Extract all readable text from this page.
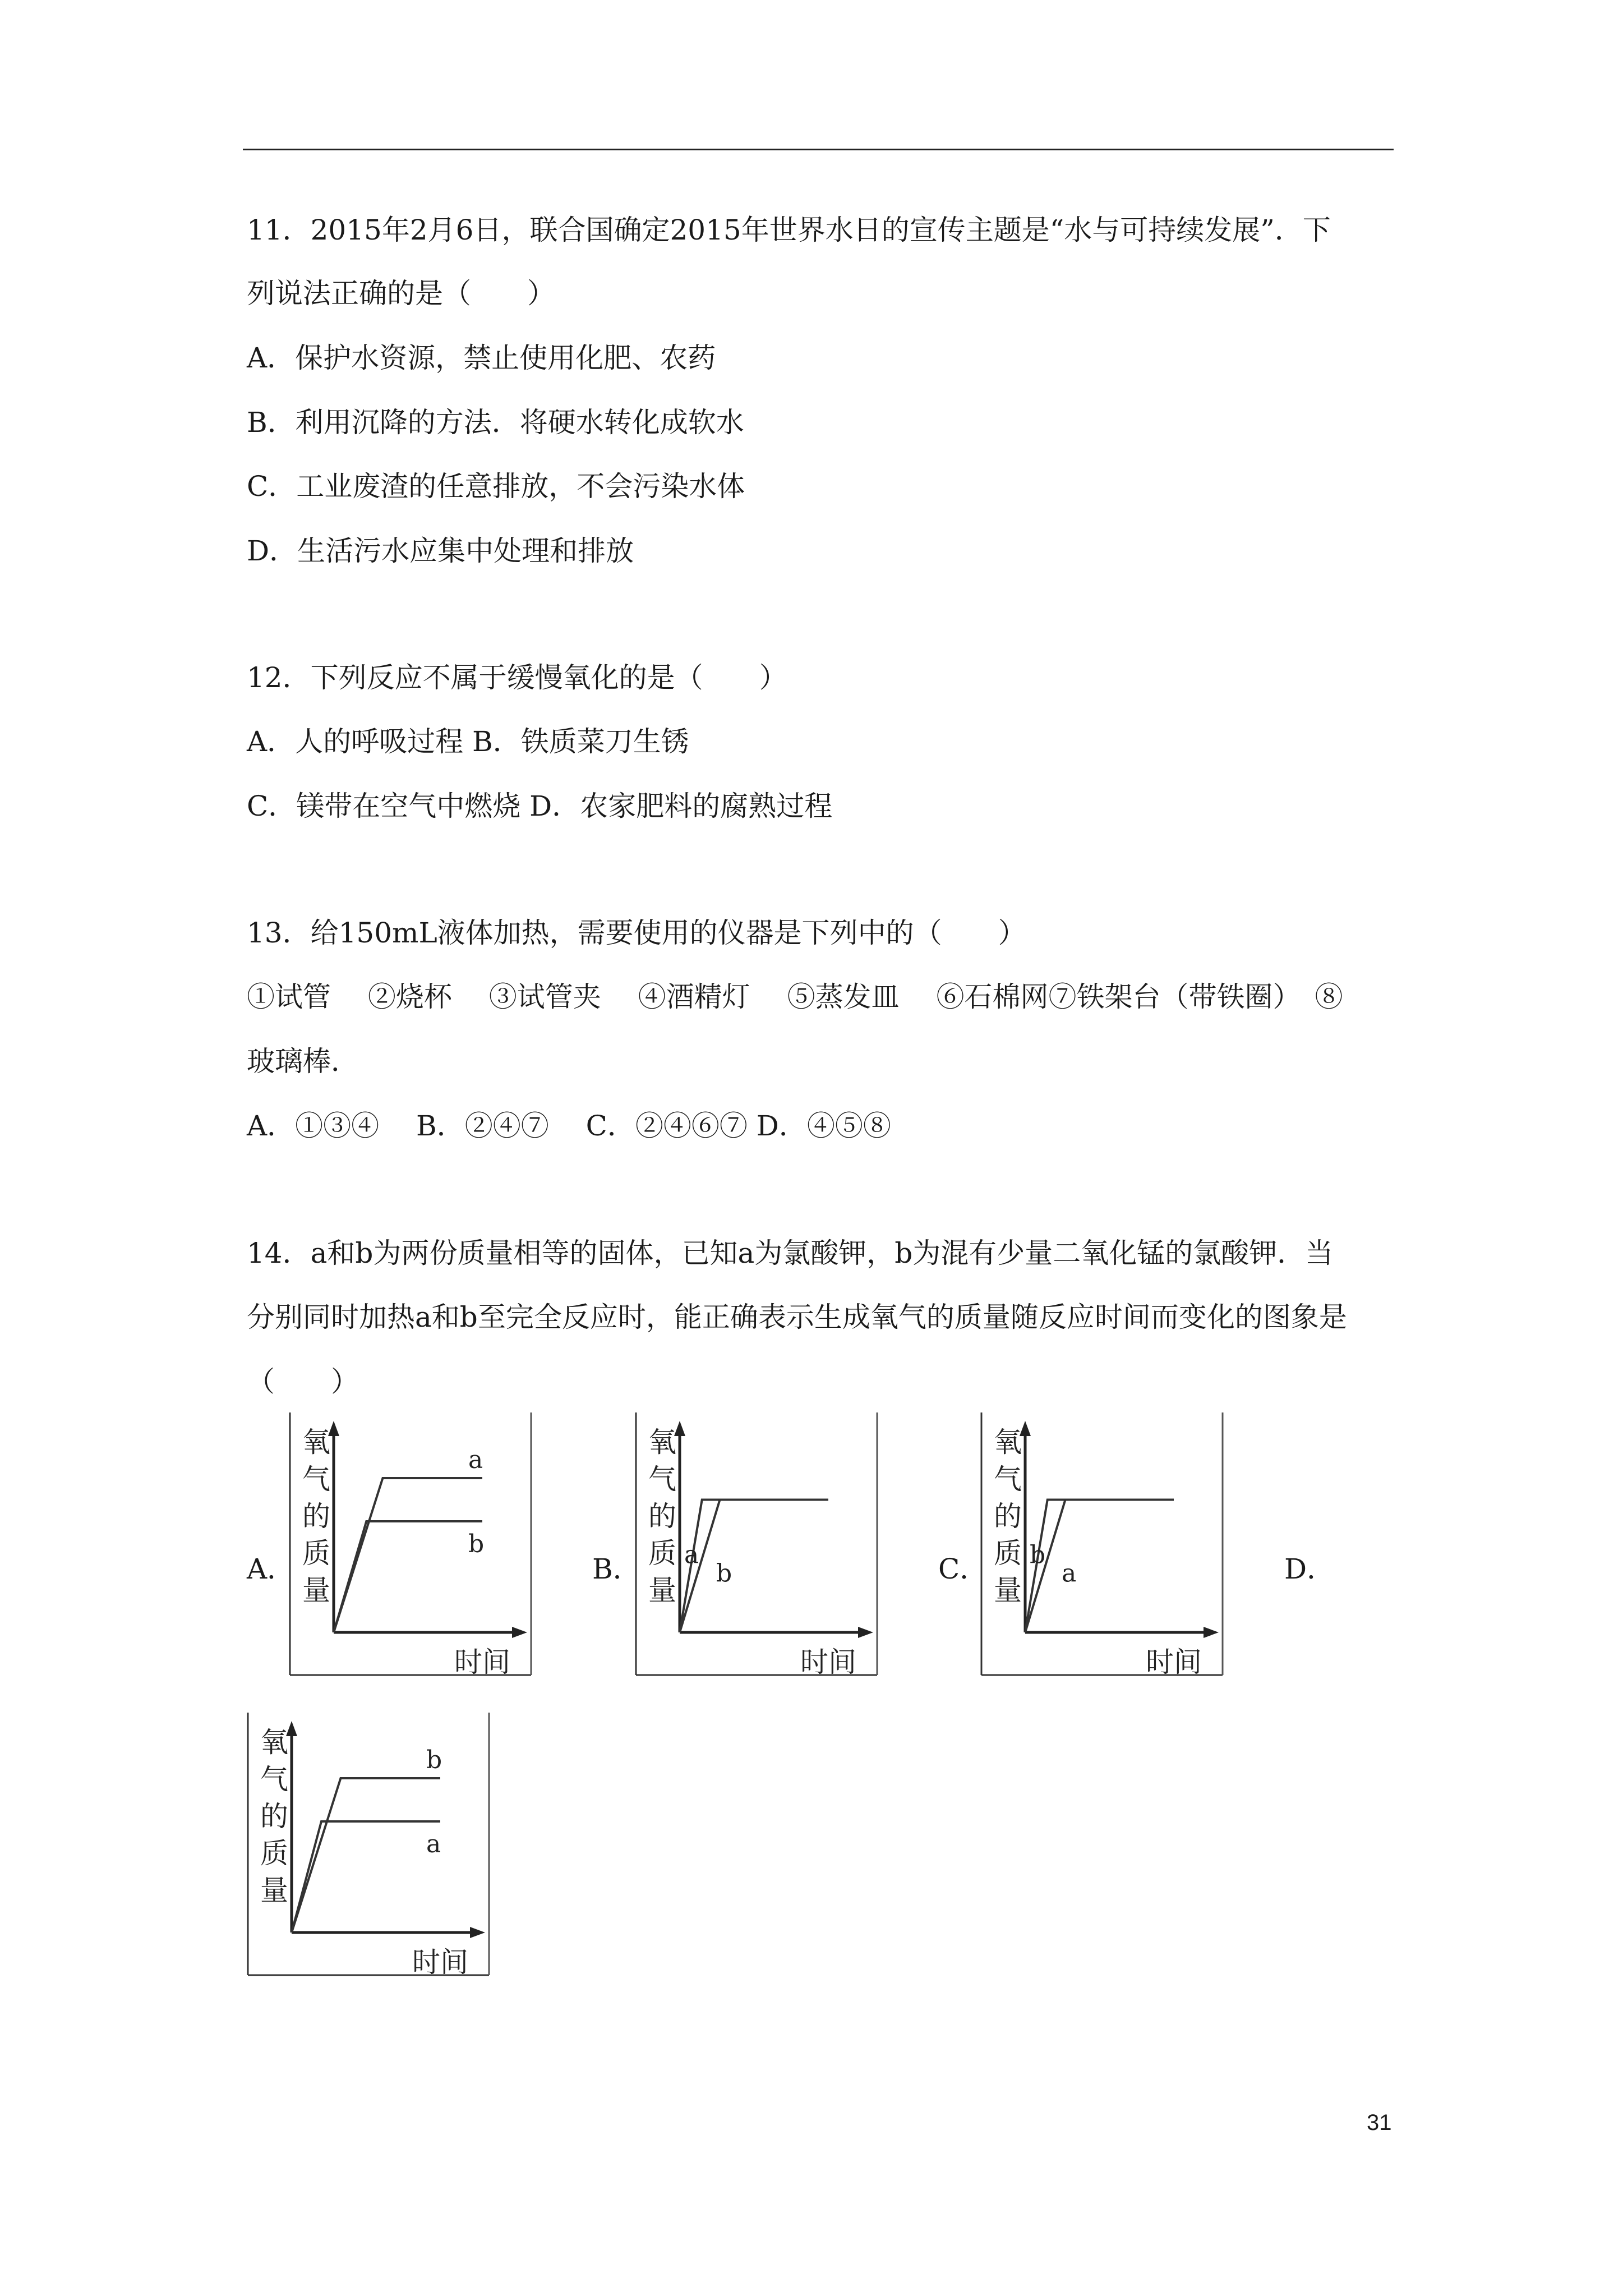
11．2015年2月6日，联合国确定2015年世界水日的宣传主题是“水与可持续发展”．下
列说法正确的是（　　）
A．保护水资源，禁止使用化肥、农药
B．利用沉降的方法．将硬水转化成软水
C．工业废渣的任意排放，不会污染水体
D．生活污水应集中处理和排放
12．下列反应不属于缓慢氧化的是（　　）
A．人的呼吸过程 B．铁质菜刀生锈
C．镁带在空气中燃烧 D．农家肥料的腐熟过程
13．给150mL液体加热，需要使用的仪器是下列中的（　　）
①试管　 ②烧杯　 ③试管夹　 ④酒精灯　 ⑤蒸发皿　 ⑥石棉网⑦铁架台（带铁圈）　⑧
玻璃棒．
A．①③④　 B．②④⑦　 C．②④⑥⑦ D．④⑤⑧
14．a和b为两份质量相等的固体，已知a为氯酸钾，b为混有少量二氧化锰的氯酸钾．当
分别同时加热a和b至完全反应时，能正确表示生成氧气的质量随反应时间而变化的图象是
（　　）
A．	B．	C．	D．
氧
气
的
质
量
时间
a
b
氧
气
的
质
量
时间
a
b
氧
气
的
质
量
时间
b
a
氧
气
的
质
量
时间
b
a
31
